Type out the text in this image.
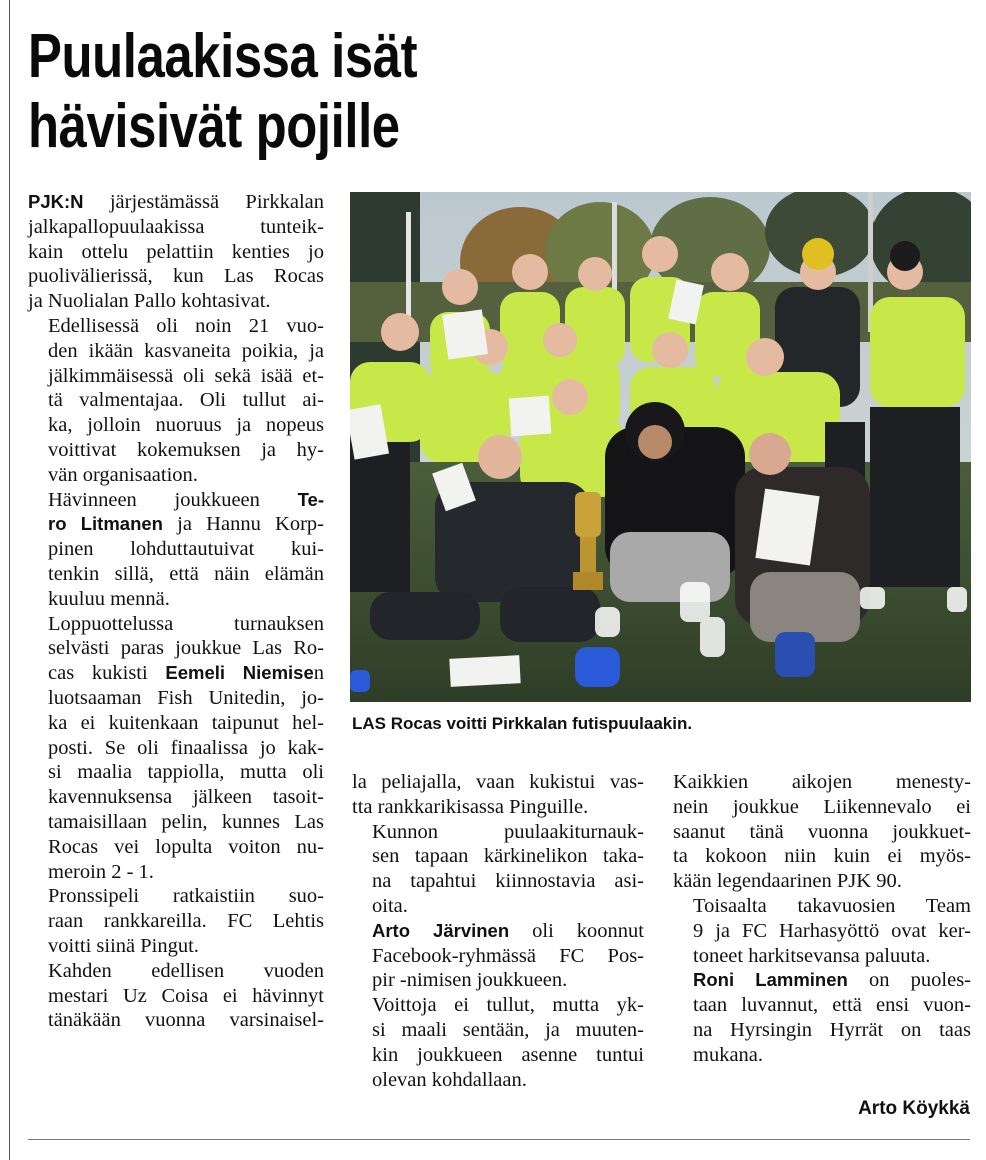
Puulaakissa isät
hävisivät pojille

PJK:N järjestämässä Pirkkalan
jalkapallopuulaakissa tunteik-
kain ottelu pelattiin kenties jo
puolivälierissä, kun Las Rocas
ja Nuolialan Pallo kohtasivat.

Edellisessä oli noin 21 vuo-
den ikään kasvaneita poikia, ja
jälkimmäisessä oli sekä isää et-
tä valmentajaa. Oli tullut ai-
ka, jolloin nuoruus ja nopeus
voittivat kokemuksen ja hy-
vän organisaation.

Hävinneen joukkueen Te-
ro Litmanen ja Hannu Korp-
pinen lohduttautuivat kui-
tenkin sillä, että näin elämän
kuuluu mennä.

Loppuottelussa turnauksen
selvästi paras joukkue Las Ro-
cas kukisti Eemeli Niemisen
luotsaaman Fish Unitedin, jo-
ka ei kuitenkaan taipunut hel-
posti. Se oli finaalissa jo kak-
si maalia tappiolla, mutta oli
kavennuksensa jälkeen tasoit-
tamaisillaan pelin, kunnes Las
Rocas vei lopulta voiton nu-
meroin 2 - 1.

Pronssipeli ratkaistiin suo-
raan rankkareilla. FC Lehtis
voitti siinä Pingut.

Kahden edellisen vuoden
mestari Uz Coisa ei hävinnyt
tänäkään vuonna varsinaisel-

LAS Rocas voitti Pirkkalan futispuulaakin.

la peliajalla, vaan kukistui vas-
tta rankkarikisassa Pinguille.

Kunnon puulaakiturnauk-
sen tapaan kärkinelikon taka-
na tapahtui kiinnostavia asi-
oita.

Arto Järvinen oli koonnut
Facebook-ryhmässä FC Pos-
pir -nimisen joukkueen.

Voittoja ei tullut, mutta yk-
si maali sentään, ja muuten-
kin joukkueen asenne tuntui
olevan kohdallaan.

Kaikkien aikojen menesty-
nein joukkue Liikennevalo ei
saanut tänä vuonna joukkuet-
ta kokoon niin kuin ei myös-
kään legendaarinen PJK 90.

Toisaalta takavuosien Team
9 ja FC Harhasyöttö ovat ker-
toneet harkitsevansa paluuta.

Roni Lamminen on puoles-
taan luvannut, että ensi vuon-
na Hyrsingin Hyrrät on taas
mukana.

Arto Köykkä
